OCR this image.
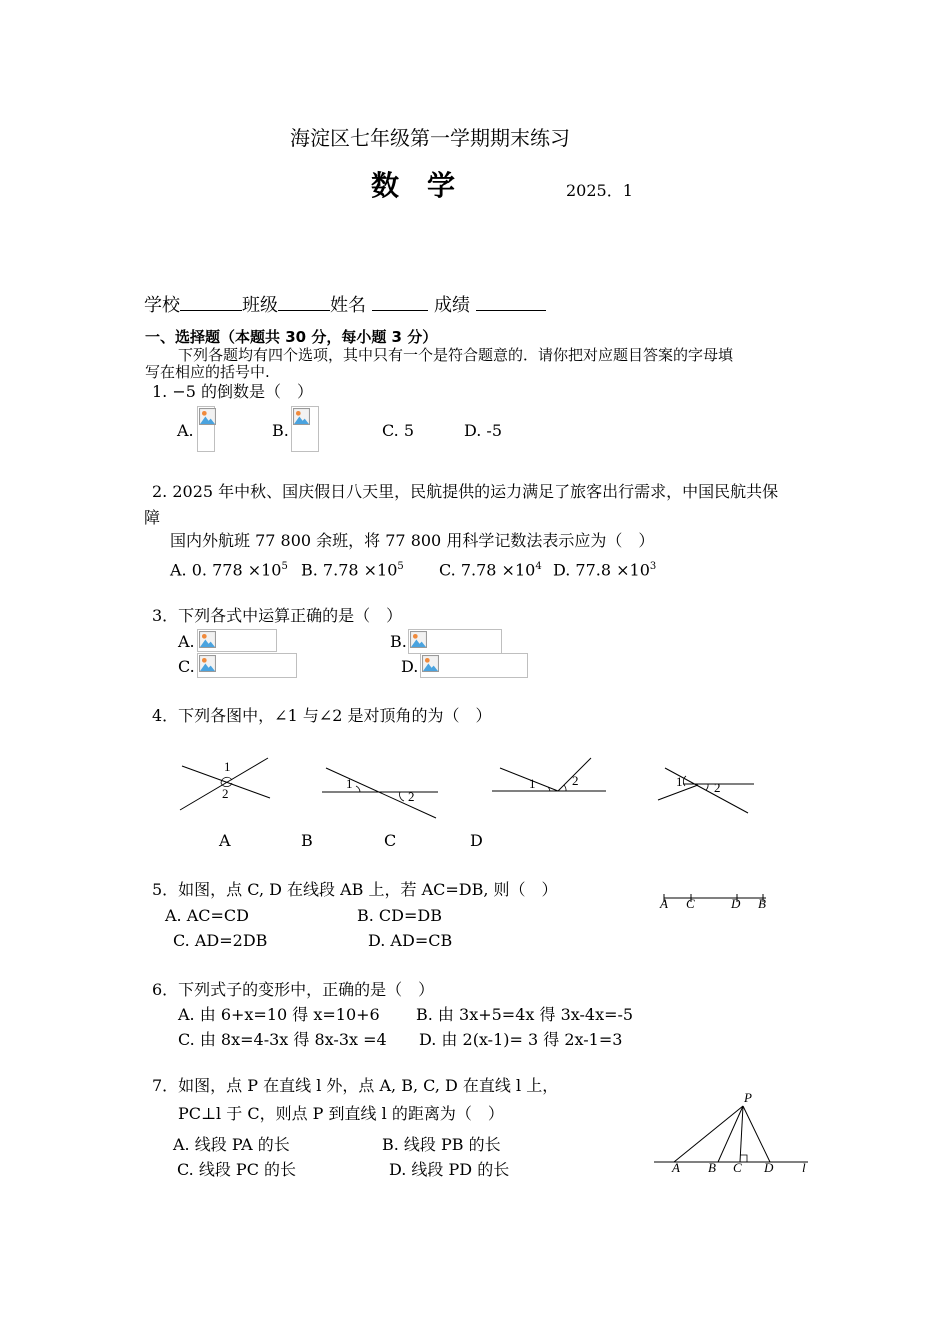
海淀区七年级第一学期期末练习
数　学	2025．1
学校	班级	姓名	成绩
一、选择题（本题共 30 分，每小题 3 分）
下列各题均有四个选项，其中只有一个是符合题意的．请你把对应题目答案的字母填
写在相应的括号中.
1. −5 的倒数是（　）
A.	B.	C. 5	D. -5
2. 2025 年中秋、国庆假日八天里，民航提供的运力满足了旅客出行需求，中国民航共保
障
国内外航班 77 800 余班，将 77 800 用科学记数法表示应为（　）
A. 0. $778 \times 10^5$ B. $7.78 \times 10^5$ C. $7.78 \times 10^4$ D. $77.8 \times 10^3$
3．下列各式中运算正确的是（　）
A.	B.
C.	D.
4．下列各图中，∠1 与∠2 是对顶角的为（　）
1
2
1
2
1	2	1 2
A	B	C	D
5．如图，点 C, D 在线段 AB 上，若 AC=DB, 则（　）
A. AC=CD	B. CD=DB
C. AD=2DB	D. AD=CB
A C	D B
6．下列式子的变形中，正确的是（　）
A. 由 6+x=10 得 x=10+6 B. 由 3x+5=4x 得 3x-4x=-5
C. 由 8x=4-3x 得 8x-3x =4 D. 由 2(x-1)= 3 得 2x-1=3
7．如图，点 P 在直线 l 外，点 A, B, C, D 在直线 l 上，
PC⊥l 于 C，则点 P 到直线 l 的距离为（　）
A. 线段 PA 的长	B. 线段 PB 的长
C. 线段 PC 的长	D. 线段 PD 的长
P
A B C D l
